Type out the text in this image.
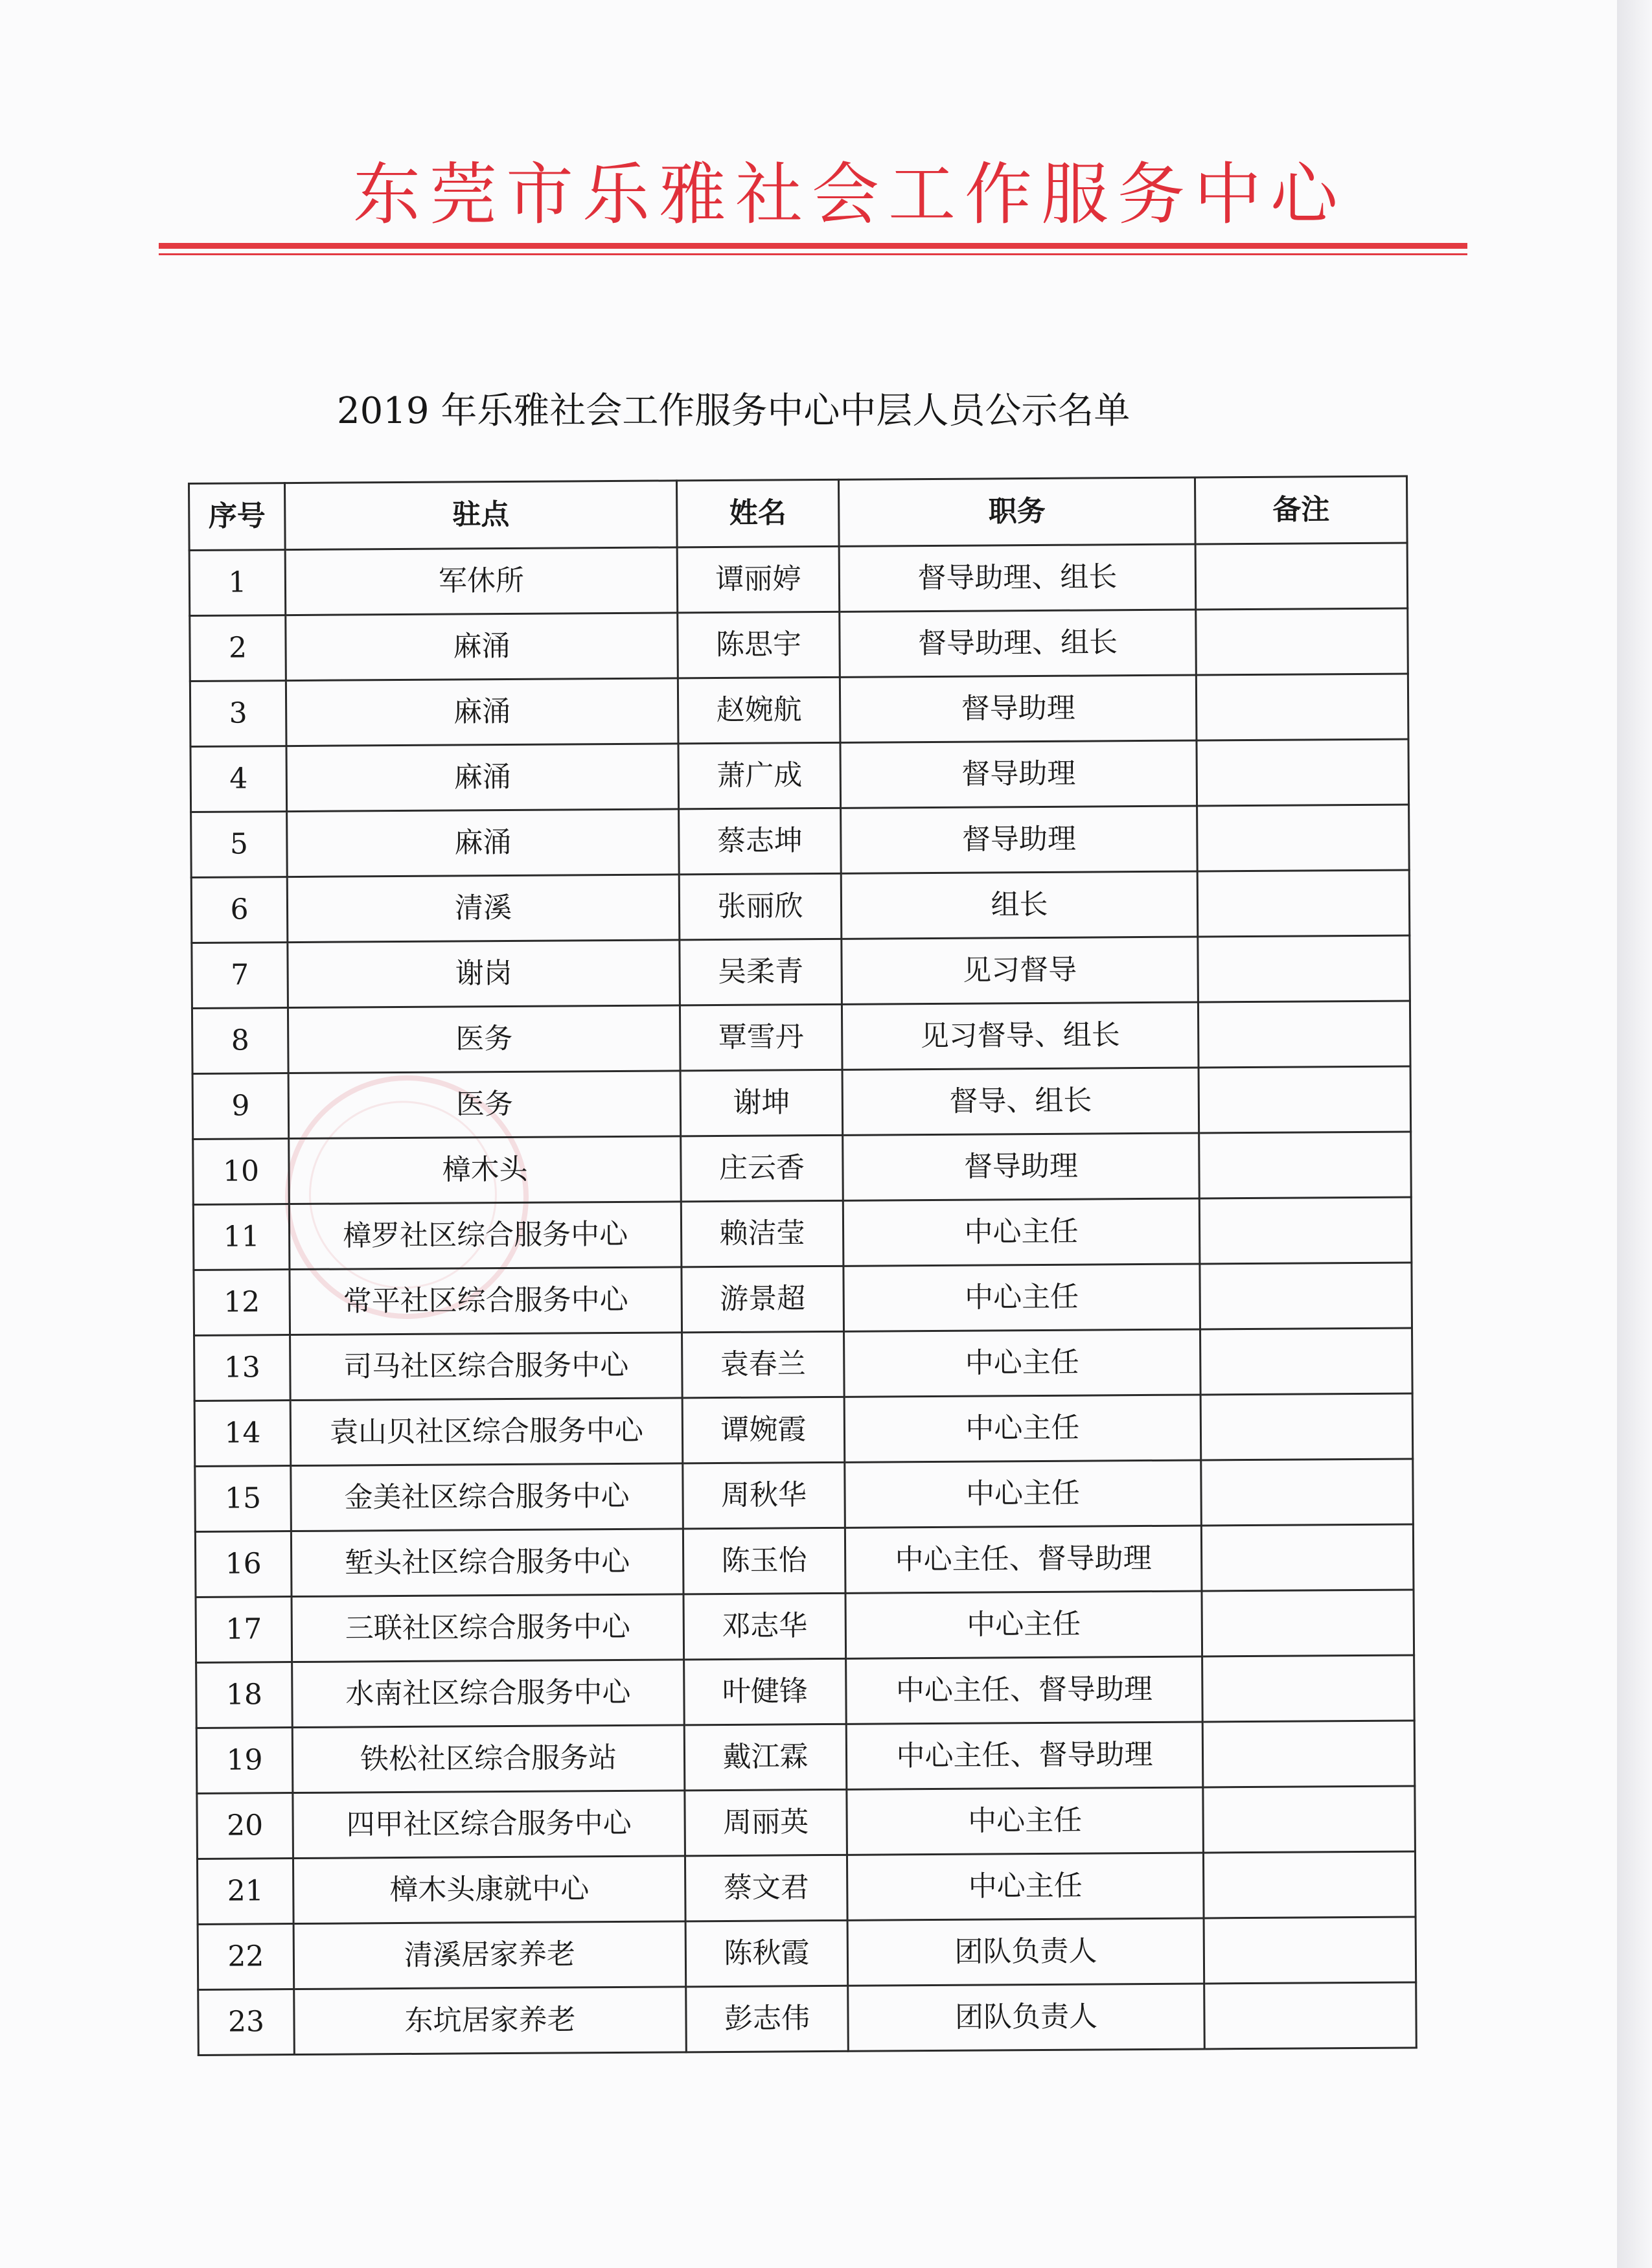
东莞市乐雅社会工作服务中心
2019 年乐雅社会工作服务中心中层人员公示名单
序号	驻点	姓名	职务	备注
1	军休所	谭丽婷	督导助理、组长	
2	麻涌	陈思宇	督导助理、组长	
3	麻涌	赵婉航	督导助理	
4	麻涌	萧广成	督导助理	
5	麻涌	蔡志坤	督导助理	
6	清溪	张丽欣	组长	
7	谢岗	吴柔青	见习督导	
8	医务	覃雪丹	见习督导、组长	
9	医务	谢坤	督导、组长	
10	樟木头	庄云香	督导助理	
11	樟罗社区综合服务中心	赖洁莹	中心主任	
12	常平社区综合服务中心	游景超	中心主任	
13	司马社区综合服务中心	袁春兰	中心主任	
14	袁山贝社区综合服务中心	谭婉霞	中心主任	
15	金美社区综合服务中心	周秋华	中心主任	
16	堑头社区综合服务中心	陈玉怡	中心主任、督导助理	
17	三联社区综合服务中心	邓志华	中心主任	
18	水南社区综合服务中心	叶健锋	中心主任、督导助理	
19	铁松社区综合服务站	戴江霖	中心主任、督导助理	
20	四甲社区综合服务中心	周丽英	中心主任	
21	樟木头康就中心	蔡文君	中心主任	
22	清溪居家养老	陈秋霞	团队负责人	
23	东坑居家养老	彭志伟	团队负责人	
